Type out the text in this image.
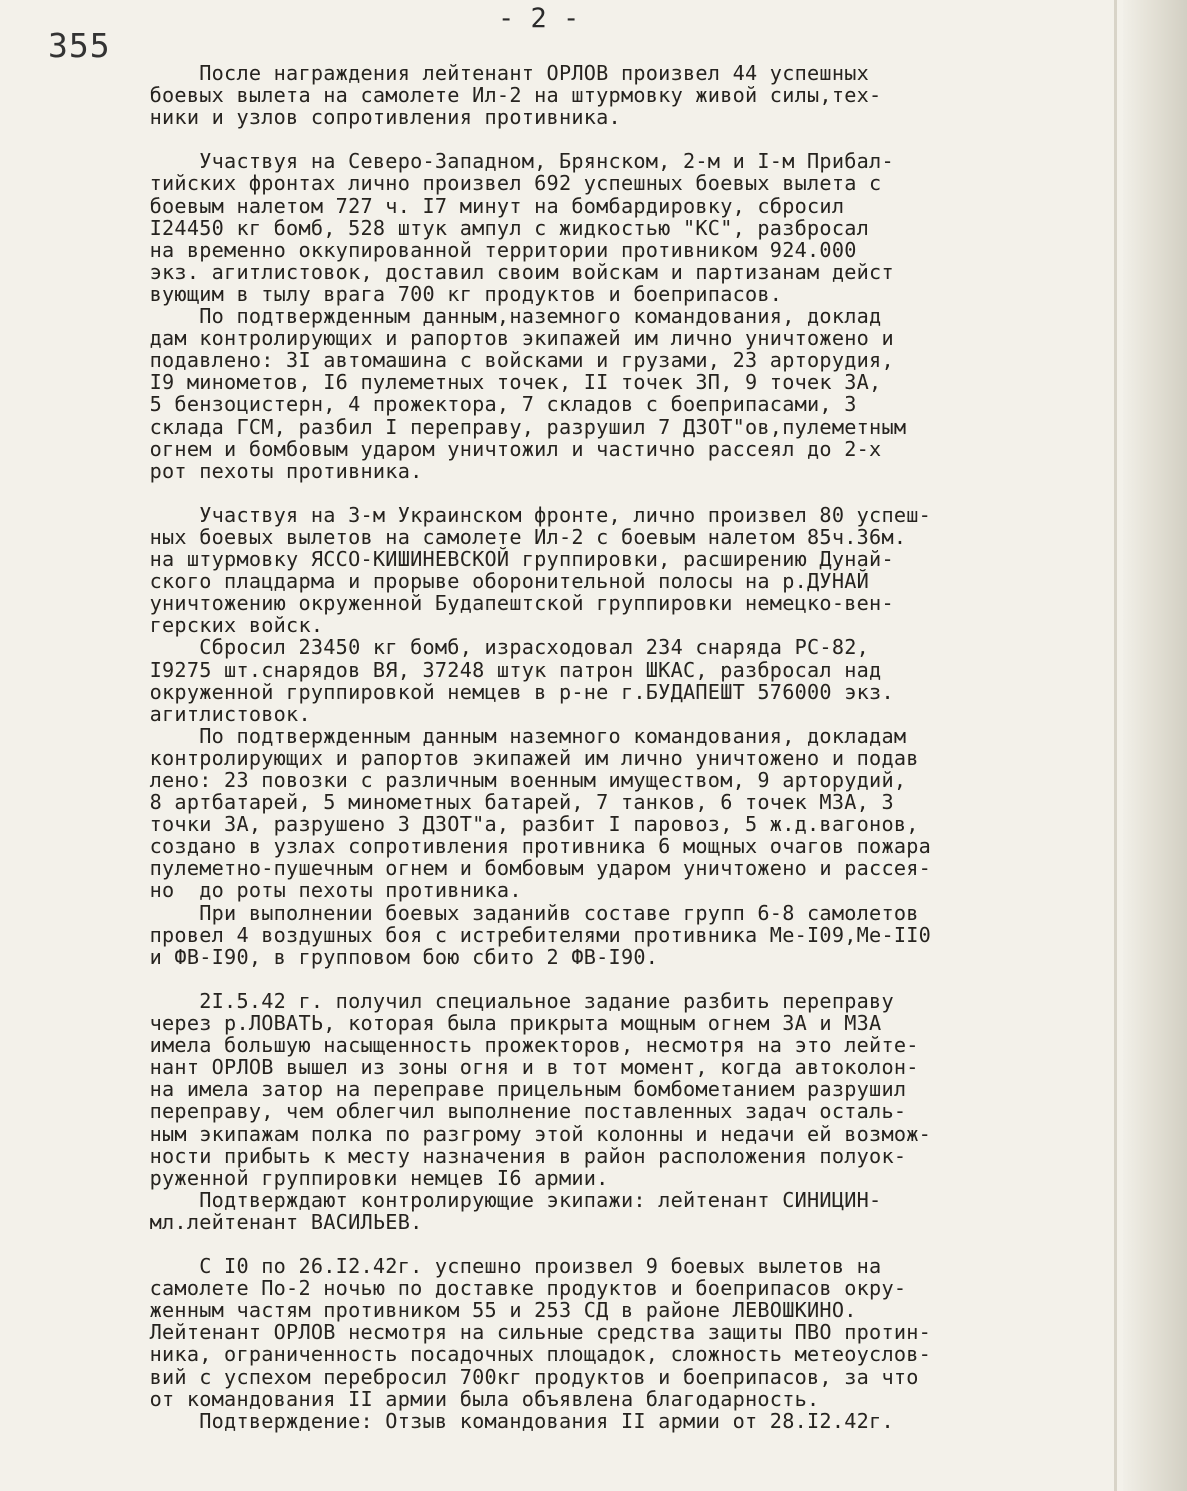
355
- 2 -
После награждения лейтенант ОРЛОВ произвел 44 успешных
боевых вылета на самолете Ил-2 на штурмовку живой силы,тех-
ники и узлов сопротивления противника.
Участвуя на Северо-Западном, Брянском, 2-м и I-м Прибал-
тийских фронтах лично произвел 692 успешных боевых вылета с
боевым налетом 727 ч. I7 минут на бомбардировку, сбросил
I24450 кг бомб, 528 штук ампул с жидкостью "КС", разбросал
на временно оккупированной территории противником 924.000
экз. агитлистовок, доставил своим войскам и партизанам дейст
вующим в тылу врага 700 кг продуктов и боеприпасов.
По подтвержденным данным,наземного командования, доклад
дам контролирующих и рапортов экипажей им лично уничтожено и
подавлено: 3I автомашина с войсками и грузами, 23 арторудия,
I9 минометов, I6 пулеметных точек, II точек ЗП, 9 точек ЗА,
5 бензоцистерн, 4 прожектора, 7 складов с боеприпасами, 3
склада ГСМ, разбил I переправу, разрушил 7 ДЗОТ"ов,пулеметным
огнем и бомбовым ударом уничтожил и частично рассеял до 2-х
рот пехоты противника.
Участвуя на 3-м Украинском фронте, лично произвел 80 успеш-
ных боевых вылетов на самолете Ил-2 с боевым налетом 85ч.36м.
на штурмовку ЯССО-КИШИНЕВСКОЙ группировки, расширению Дунай-
ского плацдарма и прорыве оборонительной полосы на р.ДУНАЙ
уничтожению окруженной Будапештской группировки немецко-вен-
герских войск.
Сбросил 23450 кг бомб, израсходовал 234 снаряда РС-82,
I9275 шт.снарядов ВЯ, 37248 штук патрон ШКАС, разбросал над
окруженной группировкой немцев в р-не г.БУДАПЕШТ 576000 экз.
агитлистовок.
По подтвержденным данным наземного командования, докладам
контролирующих и рапортов экипажей им лично уничтожено и подав
лено: 23 повозки с различным военным имуществом, 9 арторудий,
8 артбатарей, 5 минометных батарей, 7 танков, 6 точек МЗА, 3
точки ЗА, разрушено 3 ДЗОТ"а, разбит I паровоз, 5 ж.д.вагонов,
создано в узлах сопротивления противника 6 мощных очагов пожара
пулеметно-пушечным огнем и бомбовым ударом уничтожено и рассея-
но  до роты пехоты противника.
При выполнении боевых заданийв составе групп 6-8 самолетов
провел 4 воздушных боя с истребителями противника Ме-I09,Ме-II0
и ФВ-I90, в групповом бою сбито 2 ФВ-I90.
2I.5.42 г. получил специальное задание разбить переправу
через р.ЛОВАТЬ, которая была прикрыта мощным огнем ЗА и МЗА
имела большую насыщенность прожекторов, несмотря на это лейте-
нант ОРЛОВ вышел из зоны огня и в тот момент, когда автоколон-
на имела затор на переправе прицельным бомбометанием разрушил
переправу, чем облегчил выполнение поставленных задач осталь-
ным экипажам полка по разгрому этой колонны и недачи ей возмож-
ности прибыть к месту назначения в район расположения полуок-
руженной группировки немцев I6 армии.
Подтверждают контролирующие экипажи: лейтенант СИНИЦИН-
мл.лейтенант ВАСИЛЬЕВ.
С I0 по 26.I2.42г. успешно произвел 9 боевых вылетов на
самолете По-2 ночью по доставке продуктов и боеприпасов окру-
женным частям противником 55 и 253 СД в районе ЛЕВОШКИНО.
Лейтенант ОРЛОВ несмотря на сильные средства защиты ПВО протин-
ника, ограниченность посадочных площадок, сложность метеоуслов-
вий с успехом перебросил 700кг продуктов и боеприпасов, за что
от командования II армии была объявлена благодарность.
Подтверждение: Отзыв командования II армии от 28.I2.42г.
